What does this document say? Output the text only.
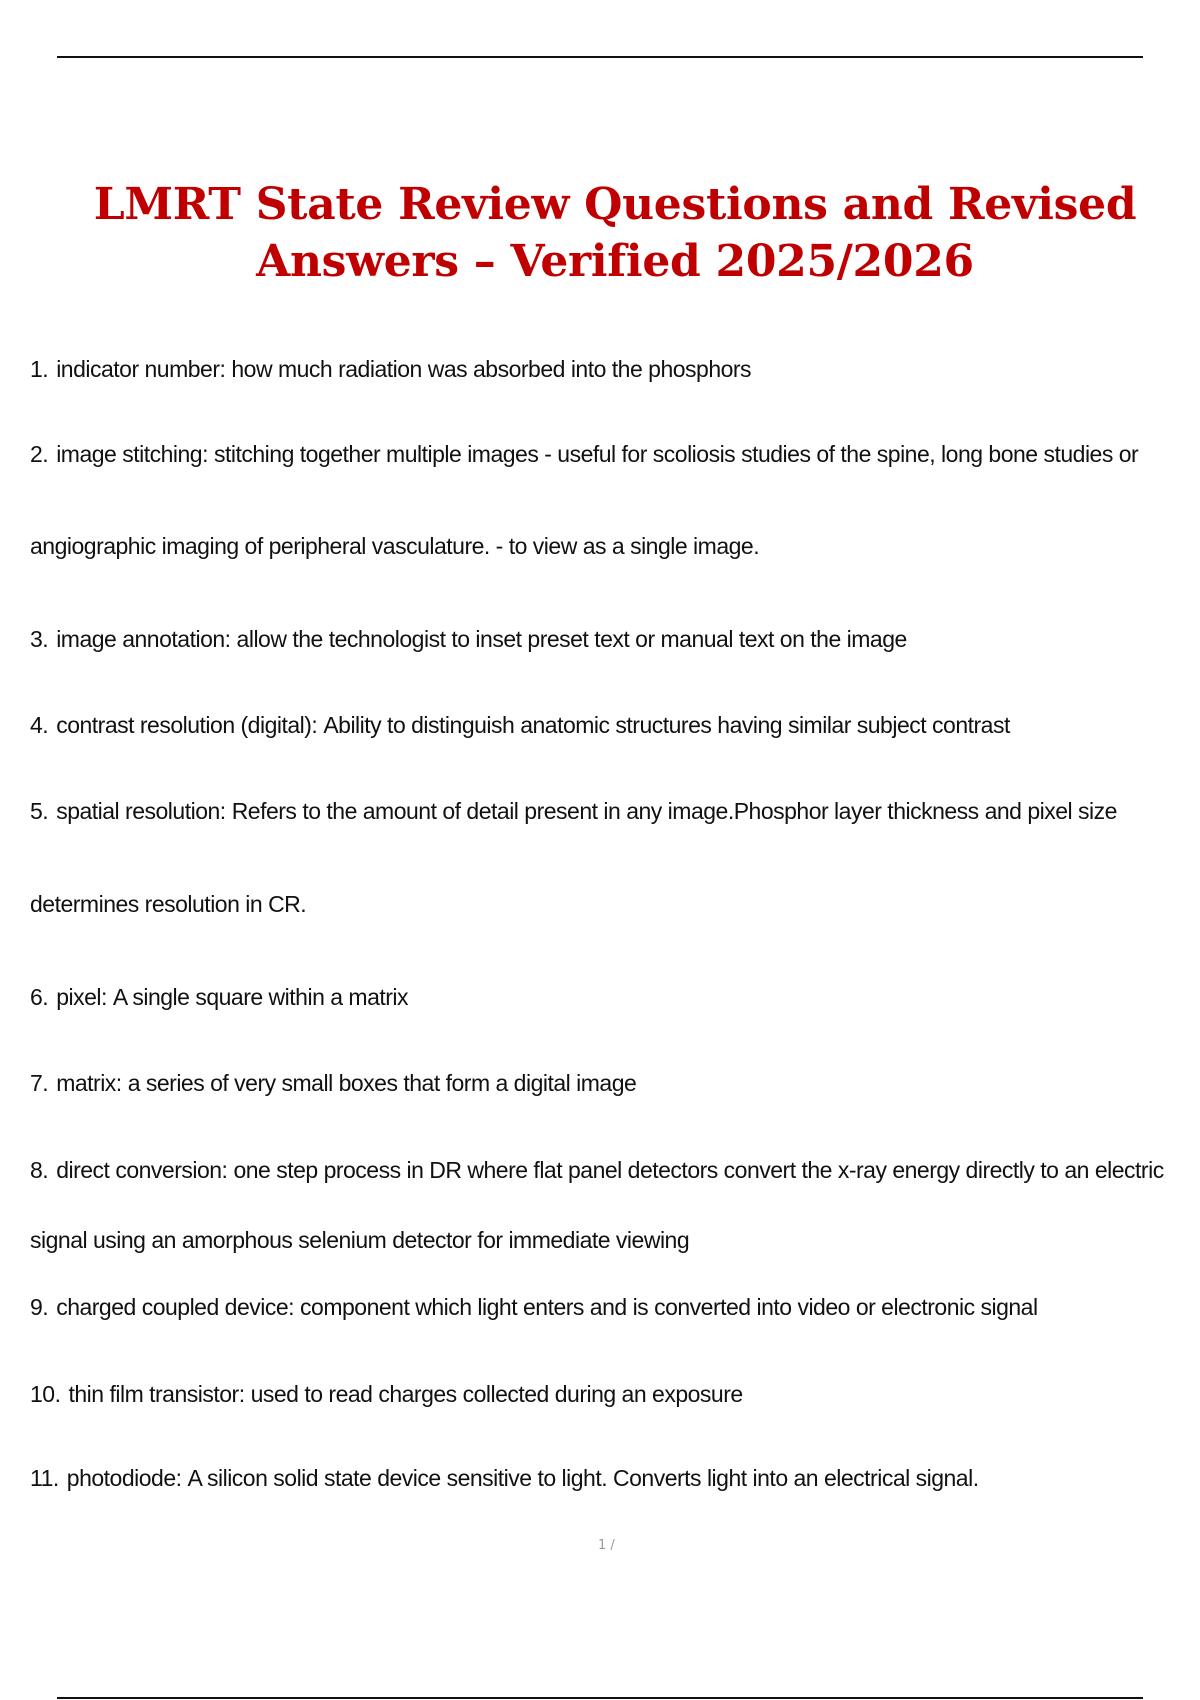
LMRT State Review Questions and Revised
Answers – Verified 2025/2026
1. indicator number: how much radiation was absorbed into the phosphors
2. image stitching: stitching together multiple images - useful for scoliosis studies of the spine, long bone studies or
angiographic imaging of peripheral vasculature. - to view as a single image.
3. image annotation: allow the technologist to inset preset text or manual text on the image
4. contrast resolution (digital): Ability to distinguish anatomic structures having similar subject contrast
5. spatial resolution: Refers to the amount of detail present in any image.Phosphor layer thickness and pixel size
determines resolution in CR.
6. pixel: A single square within a matrix
7. matrix: a series of very small boxes that form a digital image
8. direct conversion: one step process in DR where flat panel detectors convert the x-ray energy directly to an electric
signal using an amorphous selenium detector for immediate viewing
9. charged coupled device: component which light enters and is converted into video or electronic signal
10. thin film transistor: used to read charges collected during an exposure
11. photodiode: A silicon solid state device sensitive to light. Converts light into an electrical signal.
1 /
